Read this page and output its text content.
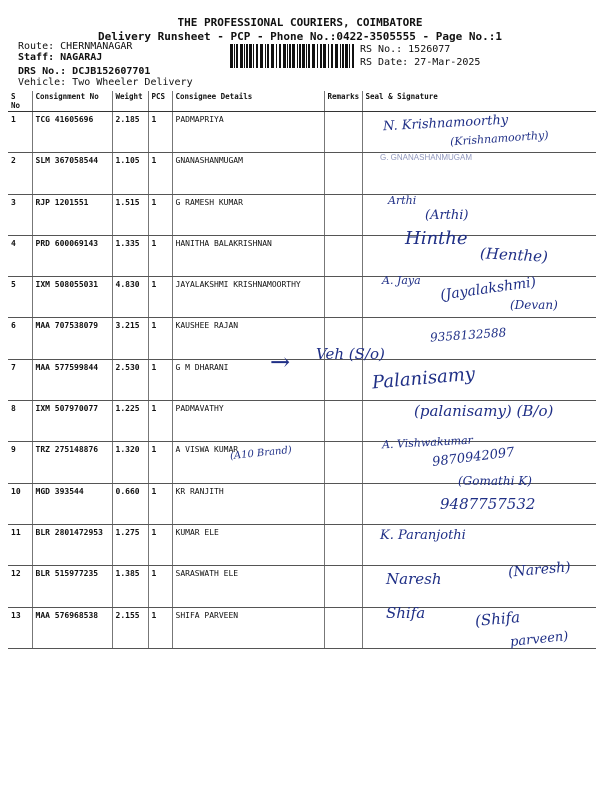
THE PROFESSIONAL COURIERS, COIMBATORE
Delivery Runsheet - PCP - Phone No.:0422-3505555 - Page No.:1
Route: CHERNMANAGAR
Staff: NAGARAJ
DRS No.: DCJB152607701
Vehicle: Two Wheeler Delivery
RS No.: 1526077
RS Date: 27-Mar-2025
S No	Consignment No	Weight	PCS	Consignee Details	Remarks	Seal & Signature
1	TCG 41605696	2.185	1	PADMAPRIYA		
2	SLM 367058544	1.105	1	GNANASHANMUGAM		
3	RJP 1201551	1.515	1	G RAMESH KUMAR		
4	PRD 600069143	1.335	1	HANITHA BALAKRISHNAN		
5	IXM 508055031	4.830	1	JAYALAKSHMI KRISHNAMOORTHY		
6	MAA 707538079	3.215	1	KAUSHEE RAJAN		
7	MAA 577599844	2.530	1	G M DHARANI		
8	IXM 507970077	1.225	1	PADMAVATHY		
9	TRZ 275148876	1.320	1	A VISWA KUMAR		
10	MGD 393544	0.660	1	KR RANJITH		
11	BLR 2801472953	1.275	1	KUMAR ELE		
12	BLR 515977235	1.385	1	SARASWATH ELE		
13	MAA 576968538	2.155	1	SHIFA PARVEEN		
N. Krishnamoorthy
(Krishnamoorthy)
G. GNANASHANMUGAM
Arthi
(Arthi)
Hinthe
(Henthe)
A. Jaya (Jayalakshmi)
(Devan)
9358132588
→ Veh (S/o)
Palanisamy
(palanisamy) (B/o)
A. Vishwakumar
(A10 Brand)	9870942097
(Gomathi K)
9487757532
K. Paranjothi
Naresh	(Naresh)
Shifa	(Shifa
parveen)
